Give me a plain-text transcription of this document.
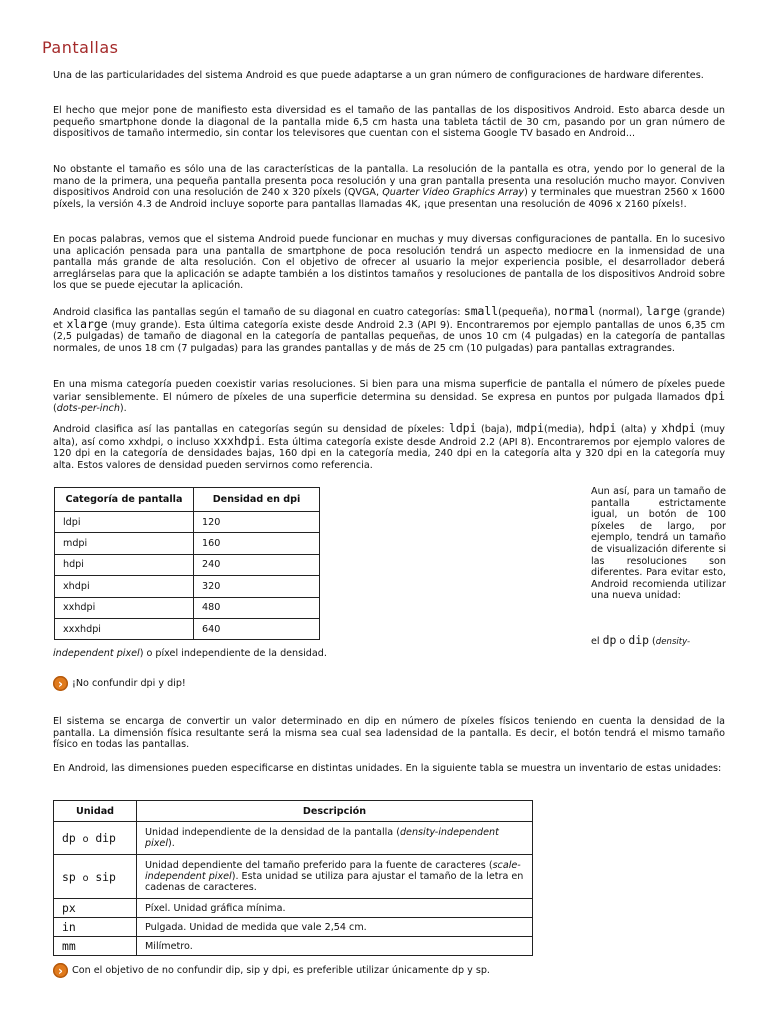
Pantallas

Una de las particularidades del sistema Android es que puede adaptarse a un gran número de configuraciones de hardware diferentes.

El hecho que mejor pone de manifiesto esta diversidad es el tamaño de las pantallas de los dispositivos Android. Esto abarca desde un pequeño smartphone donde la diagonal de la pantalla mide 6,5 cm hasta una tableta táctil de 30 cm, pasando por un gran número de dispositivos de tamaño intermedio, sin contar los televisores que cuentan con el sistema Google TV basado en Android...

No obstante el tamaño es sólo una de las características de la pantalla. La resolución de la pantalla es otra, yendo por lo general de la mano de la primera, una pequeña pantalla presenta poca resolución y una gran pantalla presenta una resolución mucho mayor. Conviven dispositivos Android con una resolución de 240 x 320 píxels (QVGA, Quarter Video Graphics Array) y terminales que muestran 2560 x 1600 píxels, la versión 4.3 de Android incluye soporte para pantallas llamadas 4K, ¡que presentan una resolución de 4096 x 2160 píxels!.

En pocas palabras, vemos que el sistema Android puede funcionar en muchas y muy diversas configuraciones de pantalla. En lo sucesivo una aplicación pensada para una pantalla de smartphone de poca resolución tendrá un aspecto mediocre en la inmensidad de una pantalla más grande de alta resolución. Con el objetivo de ofrecer al usuario la mejor experiencia posible, el desarrollador deberá arreglárselas para que la aplicación se adapte también a los distintos tamaños y resoluciones de pantalla de los dispositivos Android sobre los que se puede ejecutar la aplicación.

Android clasifica las pantallas según el tamaño de su diagonal en cuatro categorías: small(pequeña), normal (normal), large (grande) et xlarge (muy grande). Esta última categoría existe desde Android 2.3 (API 9). Encontraremos por ejemplo pantallas de unos 6,35 cm (2,5 pulgadas) de tamaño de diagonal en la categoría de pantallas pequeñas, de unos 10 cm (4 pulgadas) en la categoría de pantallas normales, de unos 18 cm (7 pulgadas) para las grandes pantallas y de más de 25 cm (10 pulgadas) para pantallas extragrandes.

En una misma categoría pueden coexistir varias resoluciones. Si bien para una misma superficie de pantalla el número de píxeles puede variar sensiblemente. El número de píxeles de una superficie determina su densidad. Se expresa en puntos por pulgada llamados dpi (dots-per-inch).

Android clasifica así las pantallas en categorías según su densidad de píxeles: ldpi (baja), mdpi(media), hdpi (alta) y xhdpi (muy alta), así como xxhdpi, o incluso xxxhdpi. Esta última categoría existe desde Android 2.2 (API 8). Encontraremos por ejemplo valores de 120 dpi en la categoría de densidades bajas, 160 dpi en la categoría media, 240 dpi en la categoría alta y 320 dpi en la categoría muy alta. Estos valores de densidad pueden servirnos como referencia.

Categoría de pantalla	Densidad en dpi
ldpi	120
mdpi	160
hdpi	240
xhdpi	320
xxhdpi	480
xxxhdpi	640

Aun así, para un tamaño de pantalla estrictamente igual, un botón de 100 píxeles de largo, por ejemplo, tendrá un tamaño de visualización diferente si las resoluciones son diferentes. Para evitar esto, Android recomienda utilizar una nueva unidad:

el dp o dip (density-
independent pixel) o píxel independiente de la densidad.
› ¡No confundir dpi y dip!

El sistema se encarga de convertir un valor determinado en dip en número de píxeles físicos teniendo en cuenta la densidad de la pantalla. La dimensión física resultante será la misma sea cual sea ladensidad de la pantalla. Es decir, el botón tendrá el mismo tamaño físico en todas las pantallas.

En Android, las dimensiones pueden especificarse en distintas unidades. En la siguiente tabla se muestra un inventario de estas unidades:

Unidad	Descripción
dp o dip	Unidad independiente de la densidad de la pantalla (density-independent pixel).
sp o sip	Unidad dependiente del tamaño preferido para la fuente de caracteres (scale-independent pixel). Esta unidad se utiliza para ajustar el tamaño de la letra en cadenas de caracteres.
px	Píxel. Unidad gráfica mínima.
in	Pulgada. Unidad de medida que vale 2,54 cm.
mm	Milímetro.
› Con el objetivo de no confundir dip, sip y dpi, es preferible utilizar únicamente dp y sp.
